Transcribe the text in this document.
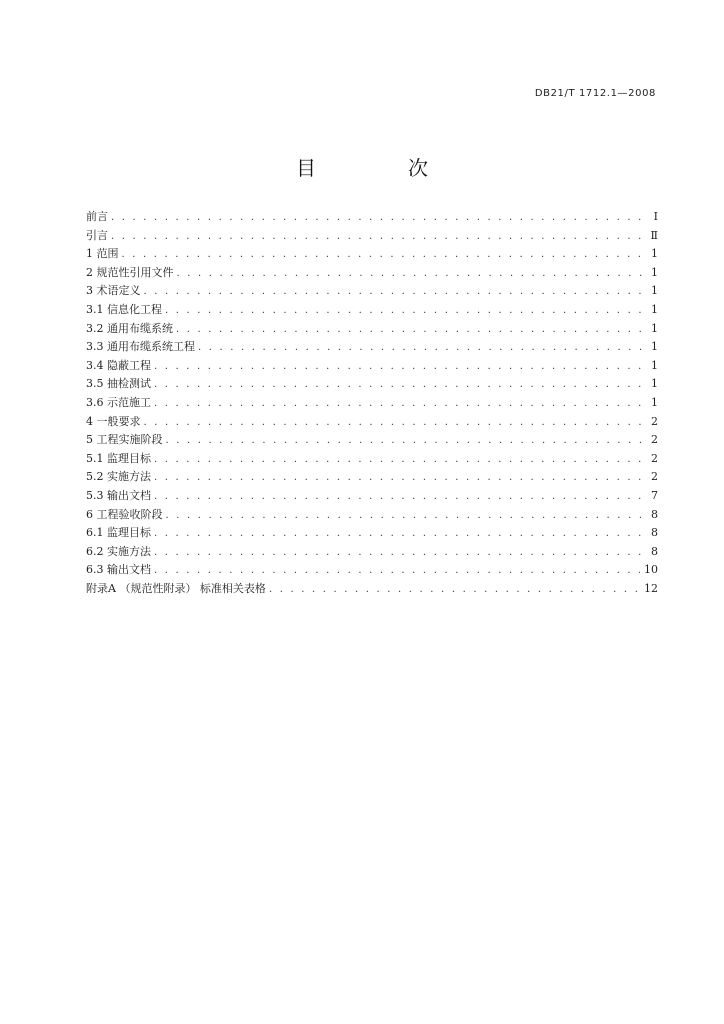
DB21/T 1712.1—2008
目　次
前言 . . .	Ⅰ
引言 . . .	Ⅱ
1 范围 . . .	1
2 规范性引用文件 . . .	1
3 术语定义 . . .	1
3.1 信息化工程 . . .	1
3.2 通用布缆系统 . . .	1
3.3 通用布缆系统工程 . . .	1
3.4 隐蔽工程 . . .	1
3.5 抽检测试 . . .	1
3.6 示范施工 . . .	1
4 一般要求 . . .	2
5 工程实施阶段 . . .	2
5.1 监理目标 . . .	2
5.2 实施方法 . . .	2
5.3 输出文档 . . .	7
6 工程验收阶段 . . .	8
6.1 监理目标 . . .	8
6.2 实施方法 . . .	8
6.3 输出文档 . . .	10
附录A （规范性附录） 标准相关表格 . . .	12
